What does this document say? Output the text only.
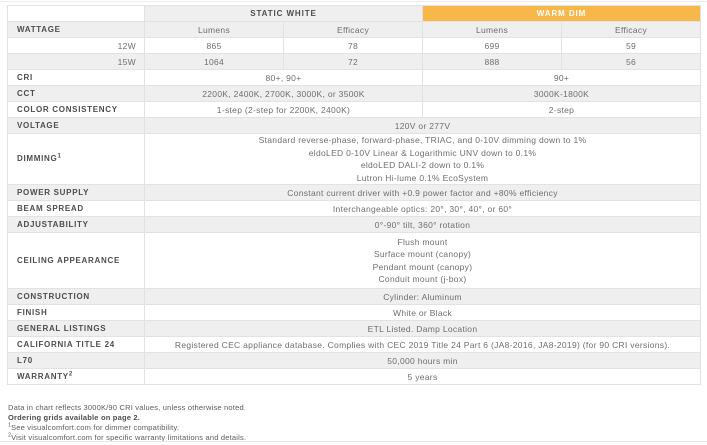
	STATIC WHITE		WARM DIM	
WATTAGE	Lumens	Efficacy	Lumens	Efficacy
12W	865	78	699	59
15W	1064	72	888	56
CRI	80+, 90+		90+	
CCT	2200K, 2400K, 2700K, 3000K, or 3500K		3000K-1800K	
COLOR CONSISTENCY	1-step (2-step for 2200K, 2400K)		2-step	
VOLTAGE	120V or 277V			
DIMMING$^1$	Standard reverse-phase, forward-phase, TRIAC, and 0-10V dimming down to 1%
eldoLED 0-10V Linear & Logarithmic UNV down to 0.1%
eldoLED DALI-2 down to 0.1%
Lutron Hi-lume 0.1% EcoSystem			

POWER SUPPLY	Constant current driver with +0.9 power factor and +80% efficiency			
BEAM SPREAD	Interchangeable optics: 20°, 30°, 40°, or 60°			
ADJUSTABILITY	0°-90° tilt, 360° rotation			
CEILING APPEARANCE	Flush mount
Surface mount (canopy)
Pendant mount (canopy)
Conduit mount (j-box)			

CONSTRUCTION	Cylinder: Aluminum			
FINISH	White or Black			
GENERAL LISTINGS	ETL Listed. Damp Location			
CALIFORNIA TITLE 24	Registered CEC appliance database. Complies with CEC 2019 Title 24 Part 6 (JA8-2016, JA8-2019) (for 90 CRI versions).			
L70	50,000 hours min			
WARRANTY$^2$	5 years			
Data in chart reflects 3000K/90 CRI values, unless otherwise noted.
Ordering grids available on page 2.
$^1$See visualcomfort.com for dimmer compatibility.
$^2$Visit visualcomfort.com for specific warranty limitations and details.
